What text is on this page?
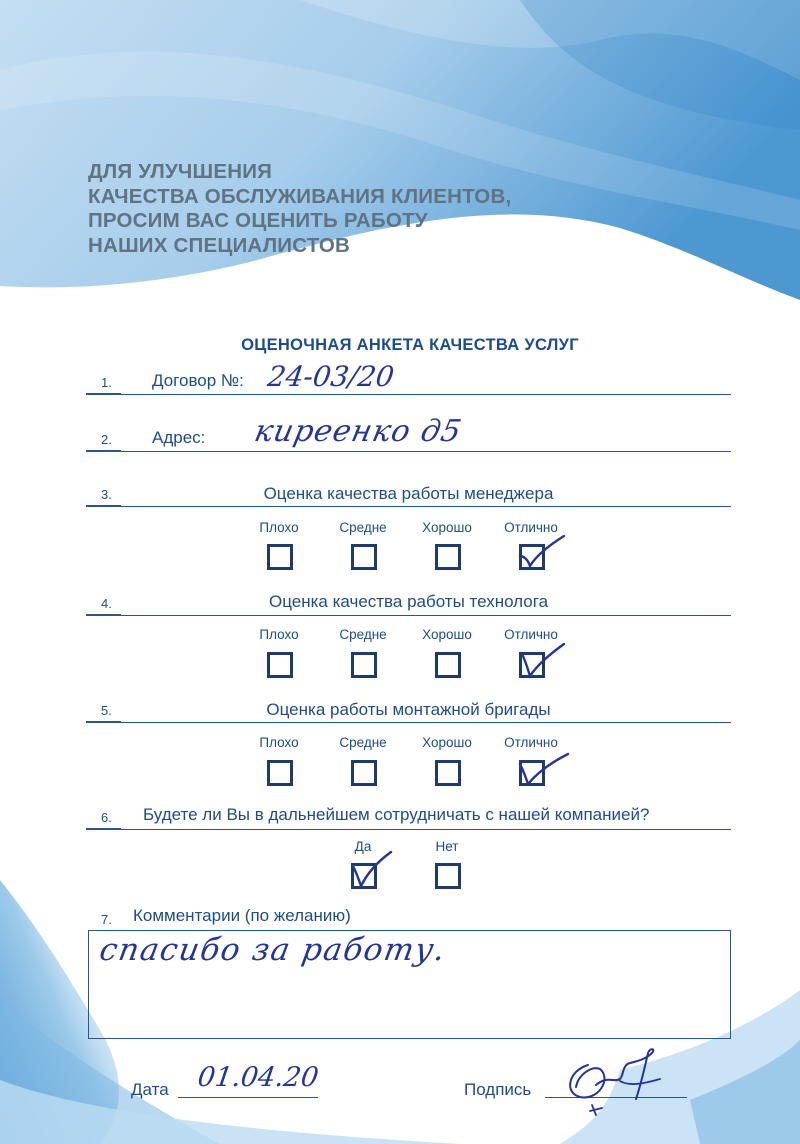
ДЛЯ УЛУЧШЕНИЯ
КАЧЕСТВА ОБСЛУЖИВАНИЯ КЛИЕНТОВ,
ПРОСИМ ВАС ОЦЕНИТЬ РАБОТУ
НАШИХ СПЕЦИАЛИСТОВ
ОЦЕНОЧНАЯ АНКЕТА КАЧЕСТВА УСЛУГ
1. Договор №: 24-03/20
2. Адрес: киреенко д5
3.	Оценка качества работы менеджера
Плохо	Средне	Хорошо	Отлично
4.	Оценка качества работы технолога
Плохо	Средне	Хорошо	Отлично
5.	Оценка работы монтажной бригады
Плохо	Средне	Хорошо	Отлично
6. Будете ли Вы в дальнейшем сотрудничать с нашей компанией?
Да	Нет
7. Комментарии (по желанию)
спасибо за работу.
Дата 01.04.20	Подпись
